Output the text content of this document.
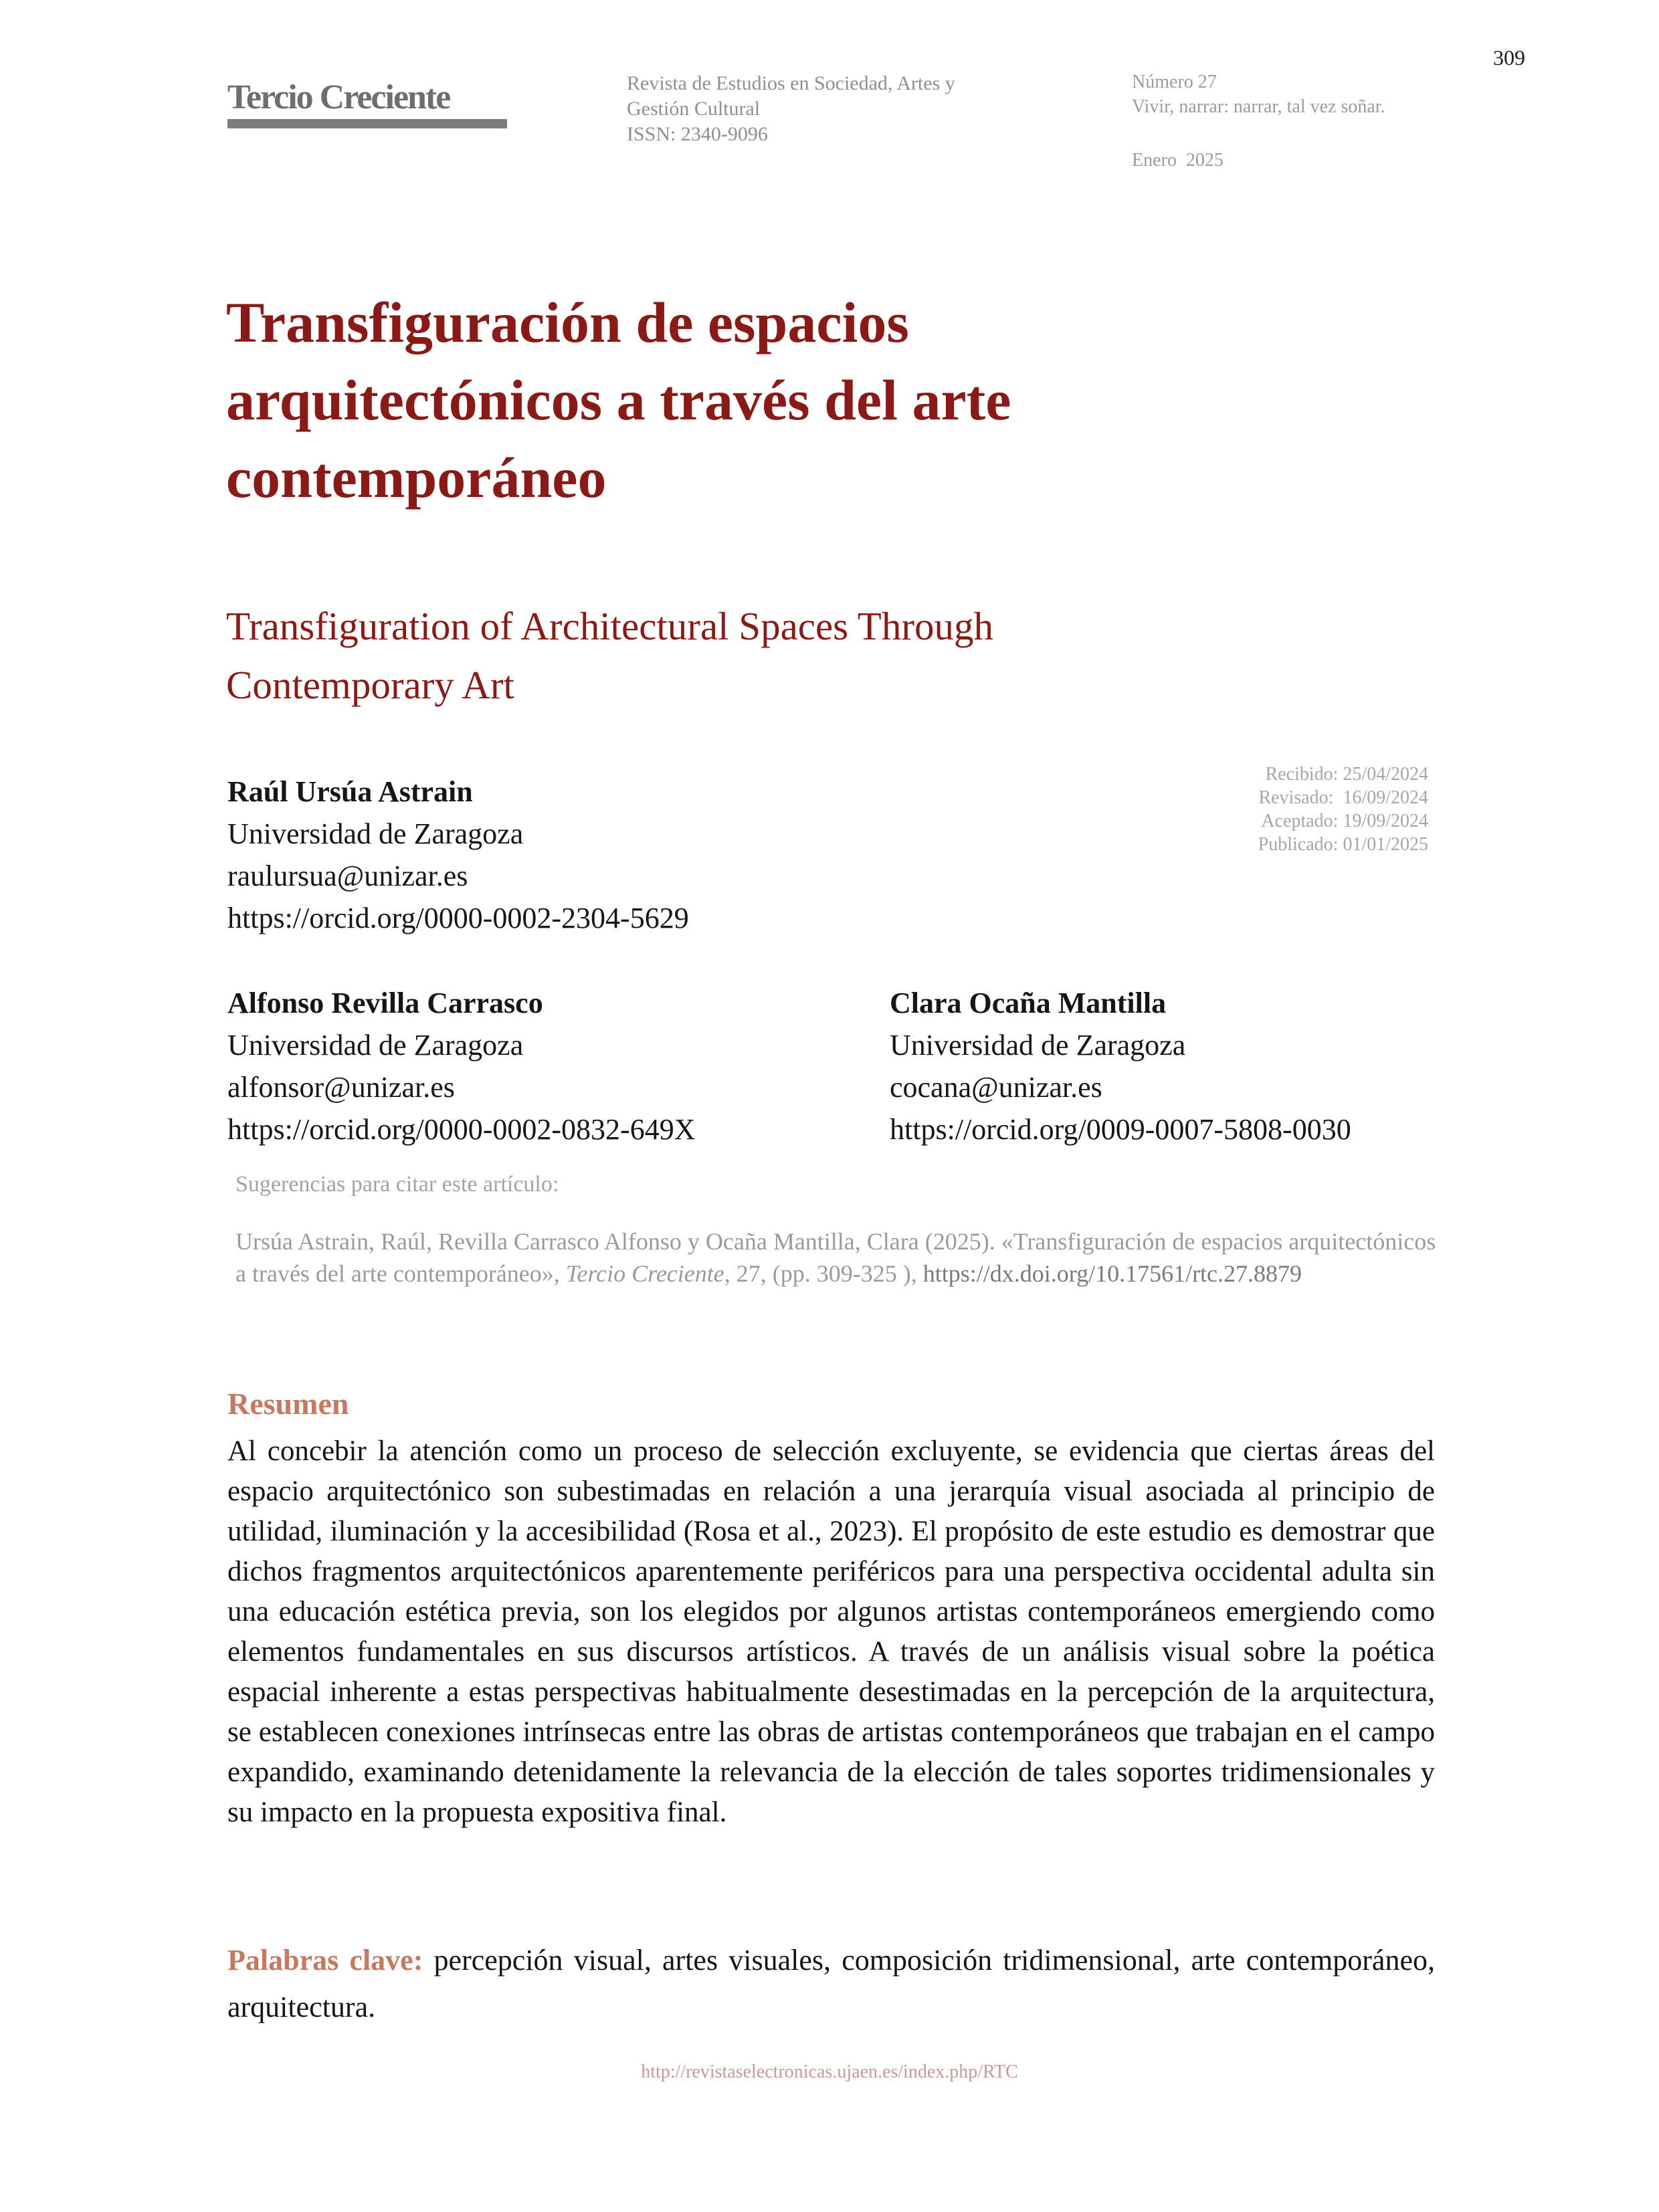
309
Tercio Creciente	Revista de Estudios en Sociedad, Artes y
Gestión Cultural
ISSN: 2340-9096
Número 27
Vivir, narrar: narrar, tal vez soñar.
Enero  2025
Transfiguración de espacios
arquitectónicos a través del arte
contemporáneo
Transfiguration of Architectural Spaces Through
Contemporary Art
Raúl Ursúa Astrain
Universidad de Zaragoza
raulursua@unizar.es
https://orcid.org/0000-0002-2304-5629
Recibido: 25/04/2024
Revisado:  16/09/2024
Aceptado: 19/09/2024
Publicado: 01/01/2025
Alfonso Revilla Carrasco
Universidad de Zaragoza
alfonsor@unizar.es
https://orcid.org/0000-0002-0832-649X
Clara Ocaña Mantilla
Universidad de Zaragoza
cocana@unizar.es
https://orcid.org/0009-0007-5808-0030
Sugerencias para citar este artículo:

Ursúa Astrain, Raúl, Revilla Carrasco Alfonso y Ocaña Mantilla, Clara (2025). «Transfiguración de espacios arquitectónicos a través del arte contemporáneo», Tercio Creciente, 27, (pp. 309-325 ), https://dx.doi.org/10.17561/rtc.27.8879

Resumen

Al concebir la atención como un proceso de selección excluyente, se evidencia que ciertas áreas del espacio arquitectónico son subestimadas en relación a una jerarquía visual asociada al principio de utilidad, iluminación y la accesibilidad (Rosa et al., 2023). El propósito de este estudio es demostrar que dichos fragmentos arquitectónicos aparentemente periféricos para una perspectiva occidental adulta sin una educación estética previa, son los elegidos por algunos artistas contemporáneos emergiendo como elementos fundamentales en sus discursos artísticos. A través de un análisis visual sobre la poética espacial inherente a estas perspectivas habitualmente desestimadas en la percepción de la arquitectura, se establecen conexiones intrínsecas entre las obras de artistas contemporáneos que trabajan en el campo expandido, examinando detenidamente la relevancia de la elección de tales soportes tridimensionales y su impacto en la propuesta expositiva final.

Palabras clave: percepción visual, artes visuales, composición tridimensional, arte contemporáneo, arquitectura.

http://revistaselectronicas.ujaen.es/index.php/RTC
